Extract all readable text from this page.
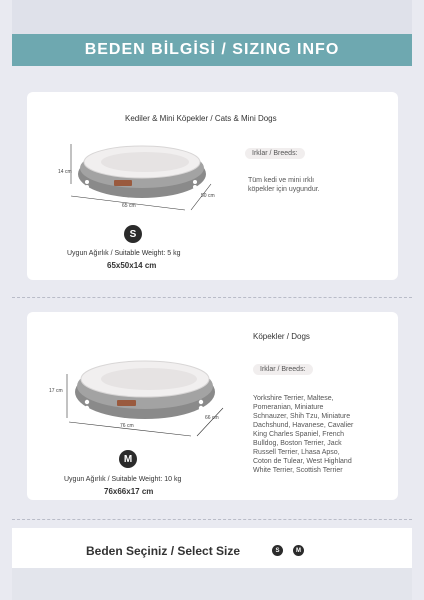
BEDEN BİLGİSİ / SIZING INFO
Kediler & Mini Köpekler / Cats & Mini Dogs
14 cm
65 cm
50 cm
Irklar / Breeds:
Tüm kedi ve mini ırklı
köpekler için uygundur.
S
Uygun Ağırlık / Suitable Weight: 5 kg
65x50x14 cm
Köpekler / Dogs
17 cm
76 cm
66 cm
Irklar / Breeds:
Yorkshire Terrier, Maltese,
Pomeranian, Miniature
Schnauzer, Shih Tzu, Miniature
Dachshund, Havanese, Cavalier
King Charles Spaniel, French
Bulldog, Boston Terrier, Jack
Russell Terrier, Lhasa Apso,
Coton de Tulear, West Highland
White Terrier, Scottish Terrier
M
Uygun Ağırlık / Suitable Weight: 10 kg
76x66x17 cm
Beden Seçiniz / Select Size	S	M
